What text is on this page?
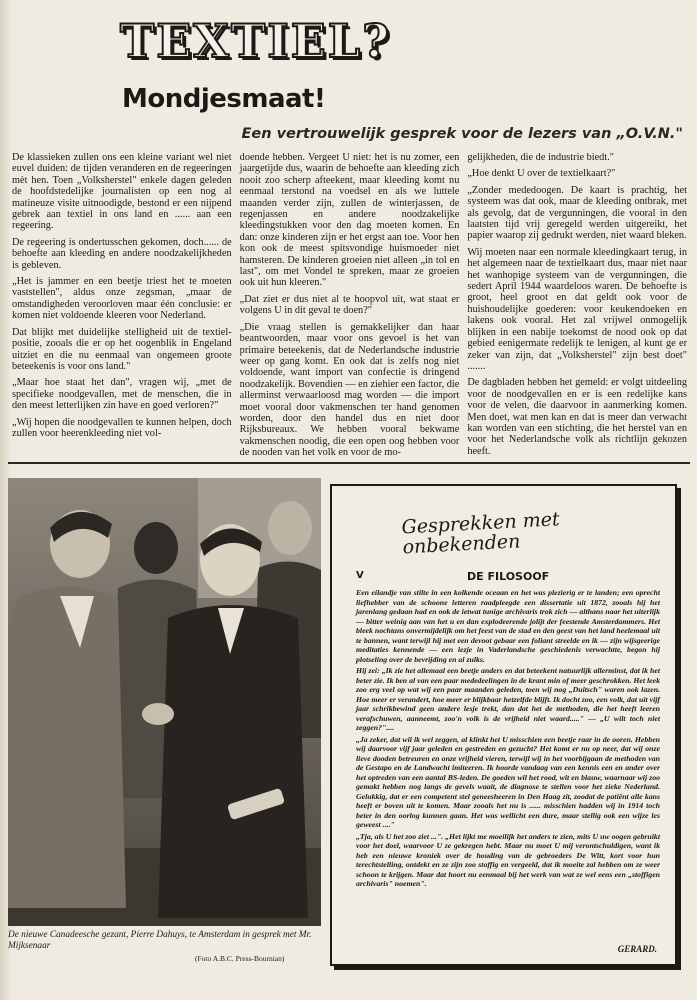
TEXTIEL?
Mondjesmaat!
Een vertrouwelijk gesprek voor de lezers van „O.V.N."

De klassieken zullen ons een kleine variant wel niet euvel duiden: de tijden veranderen en de regeeringen mèt hen. Toen „Volksherstel" enkele dagen geleden de hoofdstedelijke journalisten op een nog al matineuze visite uitnoodigde, bestond er een nijpend gebrek aan textiel in ons land en ...... aan een regeering.

De regeering is ondertusschen gekomen, doch...... de behoefte aan kleeding en andere noodzakelijkheden is gebleven.

„Het is jammer en een beetje triest het te moeten vaststellen", aldus onze zegsman, „maar de omstandigheden veroorloven maar één conclusie: er komen niet voldoende kleeren voor Nederland.

Dat blijkt met duidelijke stelligheid uit de textiel-positie, zooals die er op het oogenblik in Engeland uitziet en die nu eenmaal van ongemeen groote beteekenis is voor ons land."

„Maar hoe staat het dan", vragen wij, „met de specifieke noodgevallen, met de menschen, die in den meest letterlijken zin have en goed verloren?"

„Wij hopen die noodgevallen te kunnen helpen, doch zullen voor heerenkleeding niet vol-

doende hebben. Vergeet U niet: het is nu zomer, een jaargetijde dus, waarin de behoefte aan kleeding zich nooit zoo scherp afteekent, maar kleeding komt nu eenmaal terstond na voedsel en als we luttele maanden verder zijn, zullen de winterjassen, de regenjassen en andere noodzakelijke kleedingstukken voor den dag moeten komen. En dan: onze kinderen zijn er het ergst aan toe. Voor hen kon ook de meest spitsvondige huismoeder niet hamsteren. De kinderen groeien niet alleen „in tol en last", om met Vondel te spreken, maar ze groeien ook uit hun kleeren."

„Dat ziet er dus niet al te hoopvol uit, wat staat er volgens U in dit geval te doen?"

„Die vraag stellen is gemakkelijker dan haar beantwoorden, maar voor ons gevoel is het van primaire beteekenis, dat de Nederlandsche industrie weer op gang komt. En ook dat is zelfs nog niet voldoende, want import van confectie is dringend noodzakelijk. Bovendien — en ziehier een factor, die allerminst verwaarloosd mag worden — die import moet vooral door vakmenschen ter hand genomen worden, door den handel dus en niet door Rijksbureaux. We hebben vooral bekwame vakmenschen noodig, die een open oog hebben voor de nooden van het volk en voor de mo-

gelijkheden, die de industrie biedt."

„Hoe denkt U over de textielkaart?"

„Zonder mededoogen. De kaart is prachtig, het systeem was dat ook, maar de kleeding ontbrak, met als gevolg, dat de vergunningen, die vooral in den laatsten tijd vrij geregeld werden uitgereikt, het papier waarop zij gedrukt werden, niet waard bleken.

Wij moeten naar een normale kleedingkaart terug, in het algemeen naar de textielkaart dus, maar niet naar het wanhopige systeem van de vergunningen, die sedert April 1944 waardeloos waren. De behoefte is groot, heel groot en dat geldt ook voor de huishoudelijke goederen: voor keukendoeken en lakens ook vooral. Het zal vrijwel onmogelijk blijken in een nabije toekomst de nood ook op dat gebied eenigermate redelijk te lenigen, al kunt ge er zeker van zijn, dat „Volksherstel" zijn best doet" .......

De dagbladen hebben het gemeld: er volgt uitdeeling voor de noodgevallen en er is een redelijke kans voor de velen, die daarvoor in aanmerking komen. Men doet, wat men kan en dat is meer dan verwacht kan worden van een stichting, die het herstel van en voor het Nederlandsche volk als richtlijn gekozen heeft.

De nieuwe Canadeesche gezant, Pierre Dahuys, te Amsterdam in gesprek met Mr. Mijksenaar
(Foto A.B.C. Press-Bournian)
Gesprekken met onbekenden
V	DE FILOSOOF

Een eilandje van stilte in een kolkende oceaan en het was plezierig er te landen; een oprecht liefhebber van de schoone letteren raadpleegde een dissertatie uit 1872, zooals hij het jarenlang gedaan had en ook de ietwat tunige archivaris trok zich — althans naar het uiterlijk — bitter weinig aan van het u en dan explodeerende jolijt der feestende Amsterdammers. Het bleek nochtans onvermijdelijk om het feest van de stad en den geest van het land heelemaal uit te bannen, want terwijl hij met een devoot gebaar een foliant streelde en ik — zijn wijsgeerige meditaties kennende — een lezje in Vaderlandsche geschiedenis verwachtte, begon hij plotseling over de bevrijding en al zulks.

Hij zei: „Ik zie het allemaal een beetje anders en dat beteekent natuurlijk allerminst, dat ik het beter zie. Ik ben al van een paar mededeelingen in de krant min of meer geschrokken. Het leek zoo erg veel op wat wij een paar maanden geleden, toen wij nog „Duitsch" waren ook lazen. Hoe meer er verandert, hoe meer er blijkbaar hetzelfde blijft. Ik docht zoo, een volk, dat uit vijf jaar schrikbewind geen andere lesje trekt, dan dat het de methoden, die het heeft leeren verafschuwen, aanneemt, zoo'n volk is de vrijheid niet waard....." — „U wilt toch niet zeggen?"....

„Ja zeker, dat wil ik wel zeggen, al klinkt het U misschien een beetje raar in de ooren. Hebben wij daarvoor vijf jaar geleden en gestreden en gezucht? Het komt er nu op neer, dat wij onze lieve dooden betreuren en onze vrijheid vieren, terwijl wij in het voorbijgaan de methoden van de Gestapo en de Landwacht imiteeren. Ik hoorde vandaag van een kennis een en ander over het optreden van een aantal BS-leden. De goeden wil het rood, wit en blauw, waarnaar wij zoo gemakt hebben nog langs de gevels waait, de diagnose te stellen voor het zieke Nederland. Gelukkig, dat er een competent stel geneesheeren in Den Haag zit, zoodat de patiënt alle kans heeft er boven uit te komen. Maar zooals het nu is ...... misschien hadden wij in 1914 toch beter in den oorlog kunnen gaan. Het was wellicht een dure, maar stellig ook een wijze les geweest ...."

„Tja, als U het zoo ziet ...". „Het lijkt me moeilijk het anders te zien, mits U uw oogen gebruikt voor het doel, waarvoor U ze gekregen hebt. Maar nu moet U mij verontschuldigen, want ik heb een nieuwe kroniek over de houding van de gebroeders De Witt, kort voor hun terechtstelling, ontdekt en ze zijn zoo stoffig en vergeeld, dat ik moeite zal hebben om ze weer schoon te krijgen. Maar dat hoort nu eenmaal bij het werk van wat ze wel eens een „stoffigen archivaris" noemen".

GERARD.
